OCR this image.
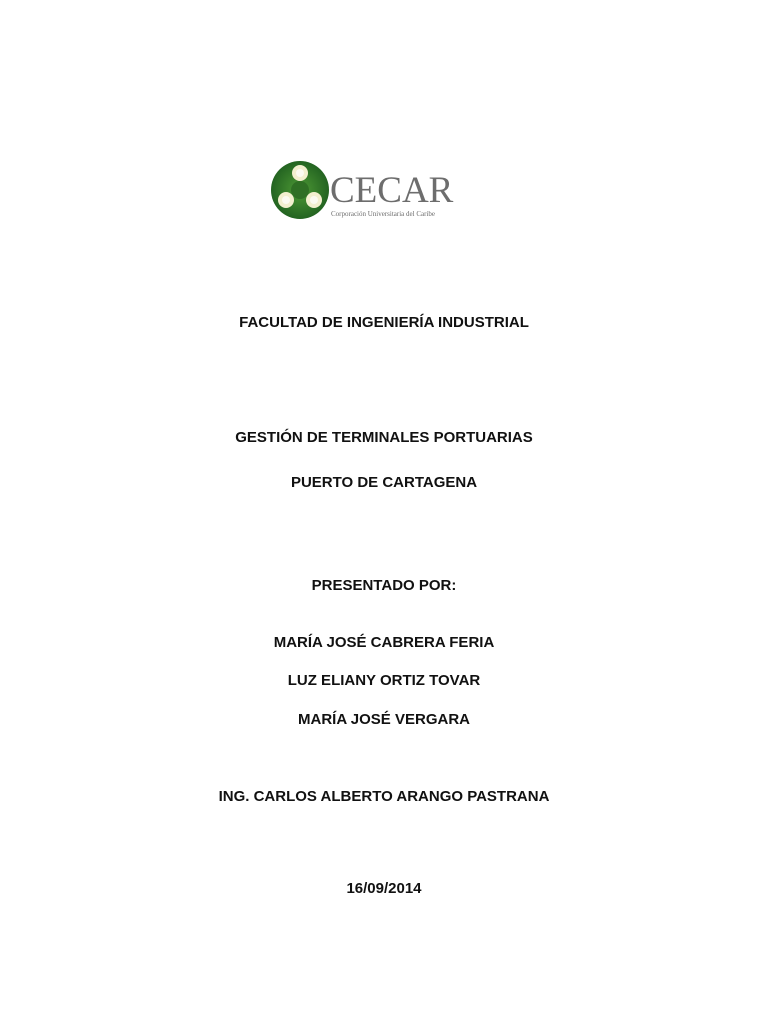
CECAR
Corporación Universitaria del Caribe
FACULTAD DE INGENIERÍA INDUSTRIAL
GESTIÓN DE TERMINALES PORTUARIAS
PUERTO DE CARTAGENA
PRESENTADO POR:
MARÍA JOSÉ CABRERA FERIA
LUZ ELIANY ORTIZ TOVAR
MARÍA JOSÉ VERGARA
ING. CARLOS ALBERTO ARANGO PASTRANA
16/09/2014
